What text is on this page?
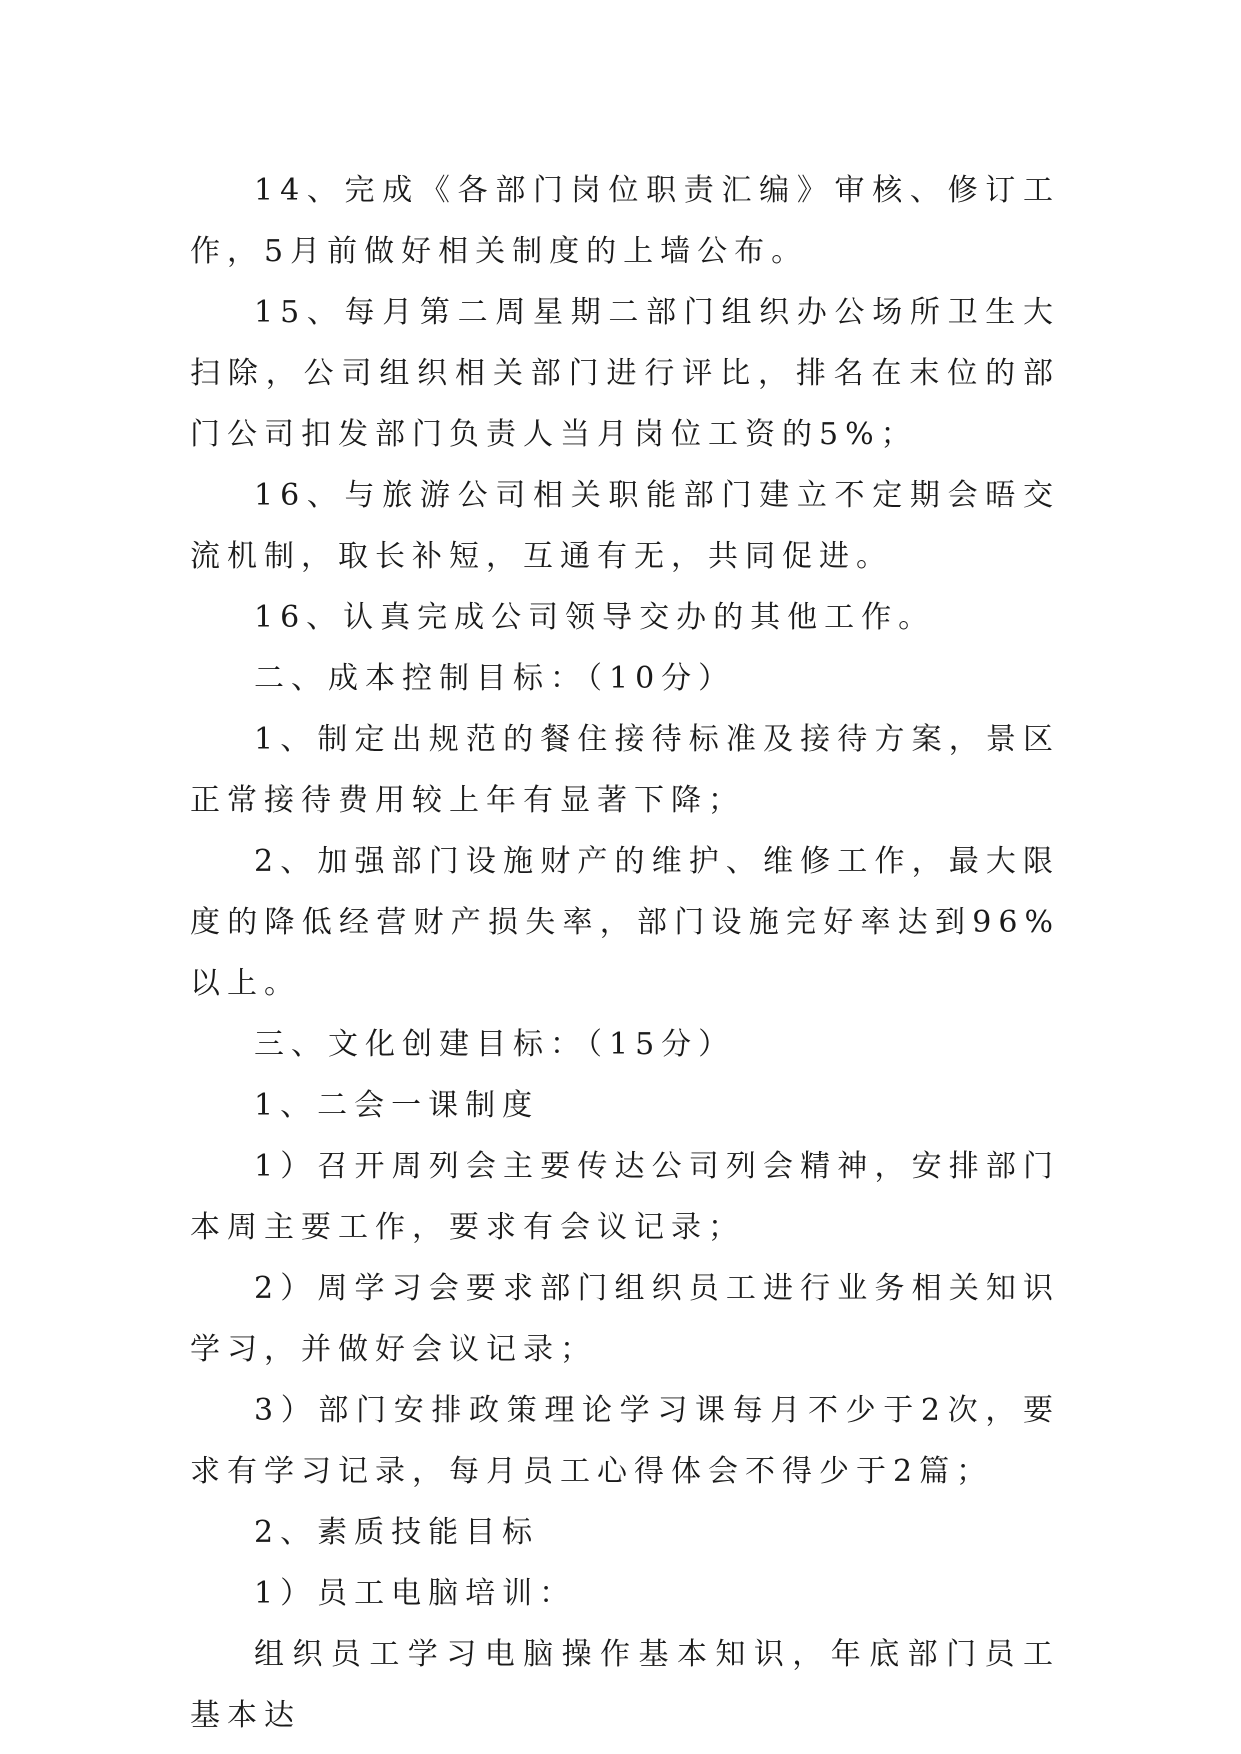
14、完成《各部门岗位职责汇编》审核、修订工作，5月前做好相关制度的上墙公布。

15、每月第二周星期二部门组织办公场所卫生大扫除，公司组织相关部门进行评比，排名在末位的部门公司扣发部门负责人当月岗位工资的5%；

16、与旅游公司相关职能部门建立不定期会晤交流机制，取长补短，互通有无，共同促进。

16、认真完成公司领导交办的其他工作。

二、成本控制目标：（10分）

1、制定出规范的餐住接待标准及接待方案，景区正常接待费用较上年有显著下降；

2、加强部门设施财产的维护、维修工作，最大限度的降低经营财产损失率，部门设施完好率达到96%以上。

三、文化创建目标：（15分）

1、二会一课制度

1）召开周列会主要传达公司列会精神，安排部门本周主要工作，要求有会议记录；

2）周学习会要求部门组织员工进行业务相关知识学习，并做好会议记录；

3）部门安排政策理论学习课每月不少于2次，要求有学习记录，每月员工心得体会不得少于2篇；

2、素质技能目标

1）员工电脑培训：

组织员工学习电脑操作基本知识，年底部门员工基本达
